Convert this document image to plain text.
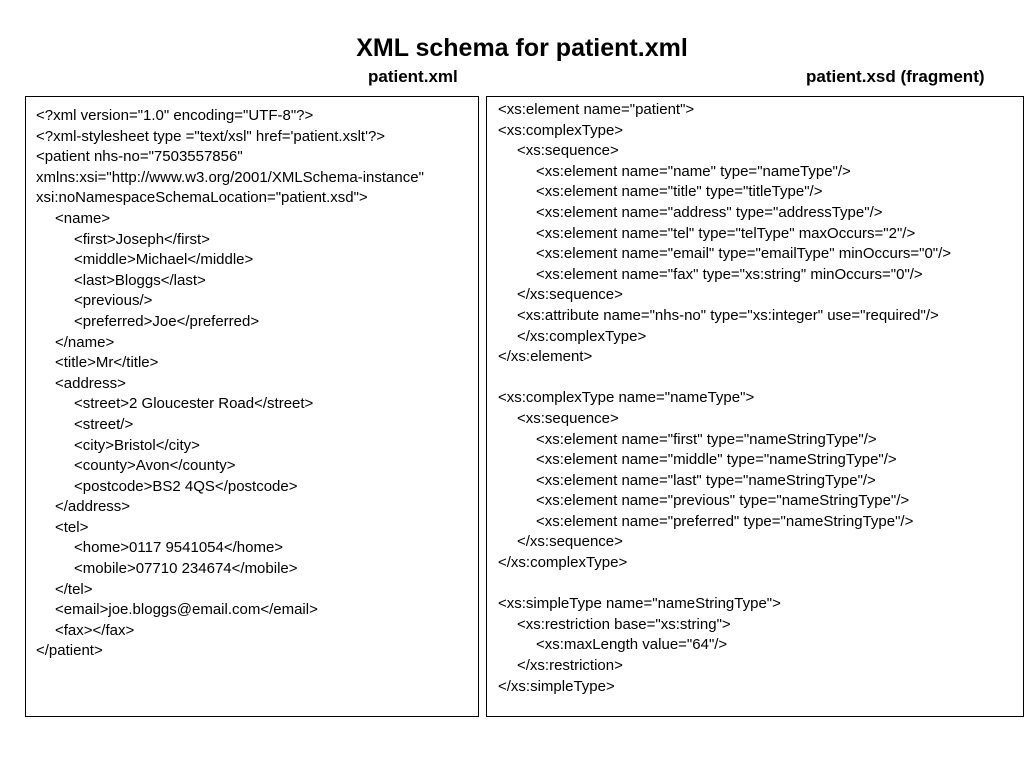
XML schema for patient.xml
patient.xml	patient.xsd (fragment)
<?xml version="1.0" encoding="UTF-8"?>
<?xml-stylesheet type ="text/xsl" href='patient.xslt'?>
<patient nhs-no="7503557856"
xmlns:xsi="http://www.w3.org/2001/XMLSchema-instance"
xsi:noNamespaceSchemaLocation="patient.xsd">
<name>
<first>Joseph</first>
<middle>Michael</middle>
<last>Bloggs</last>
<previous/>
<preferred>Joe</preferred>
</name>
<title>Mr</title>
<address>
<street>2 Gloucester Road</street>
<street/>
<city>Bristol</city>
<county>Avon</county>
<postcode>BS2 4QS</postcode>
</address>
<tel>
<home>0117 9541054</home>
<mobile>07710 234674</mobile>
</tel>
<email>joe.bloggs@email.com</email>
<fax></fax>
</patient>
<xs:element name="patient">
<xs:complexType>
<xs:sequence>
<xs:element name="name" type="nameType"/>
<xs:element name="title" type="titleType"/>
<xs:element name="address" type="addressType"/>
<xs:element name="tel" type="telType" maxOccurs="2"/>
<xs:element name="email" type="emailType" minOccurs="0"/>
<xs:element name="fax" type="xs:string" minOccurs="0"/>
</xs:sequence>
<xs:attribute name="nhs-no" type="xs:integer" use="required"/>
</xs:complexType>
</xs:element>
<xs:complexType name="nameType">
<xs:sequence>
<xs:element name="first" type="nameStringType"/>
<xs:element name="middle" type="nameStringType"/>
<xs:element name="last" type="nameStringType"/>
<xs:element name="previous" type="nameStringType"/>
<xs:element name="preferred" type="nameStringType"/>
</xs:sequence>
</xs:complexType>
<xs:simpleType name="nameStringType">
<xs:restriction base="xs:string">
<xs:maxLength value="64"/>
</xs:restriction>
</xs:simpleType>
